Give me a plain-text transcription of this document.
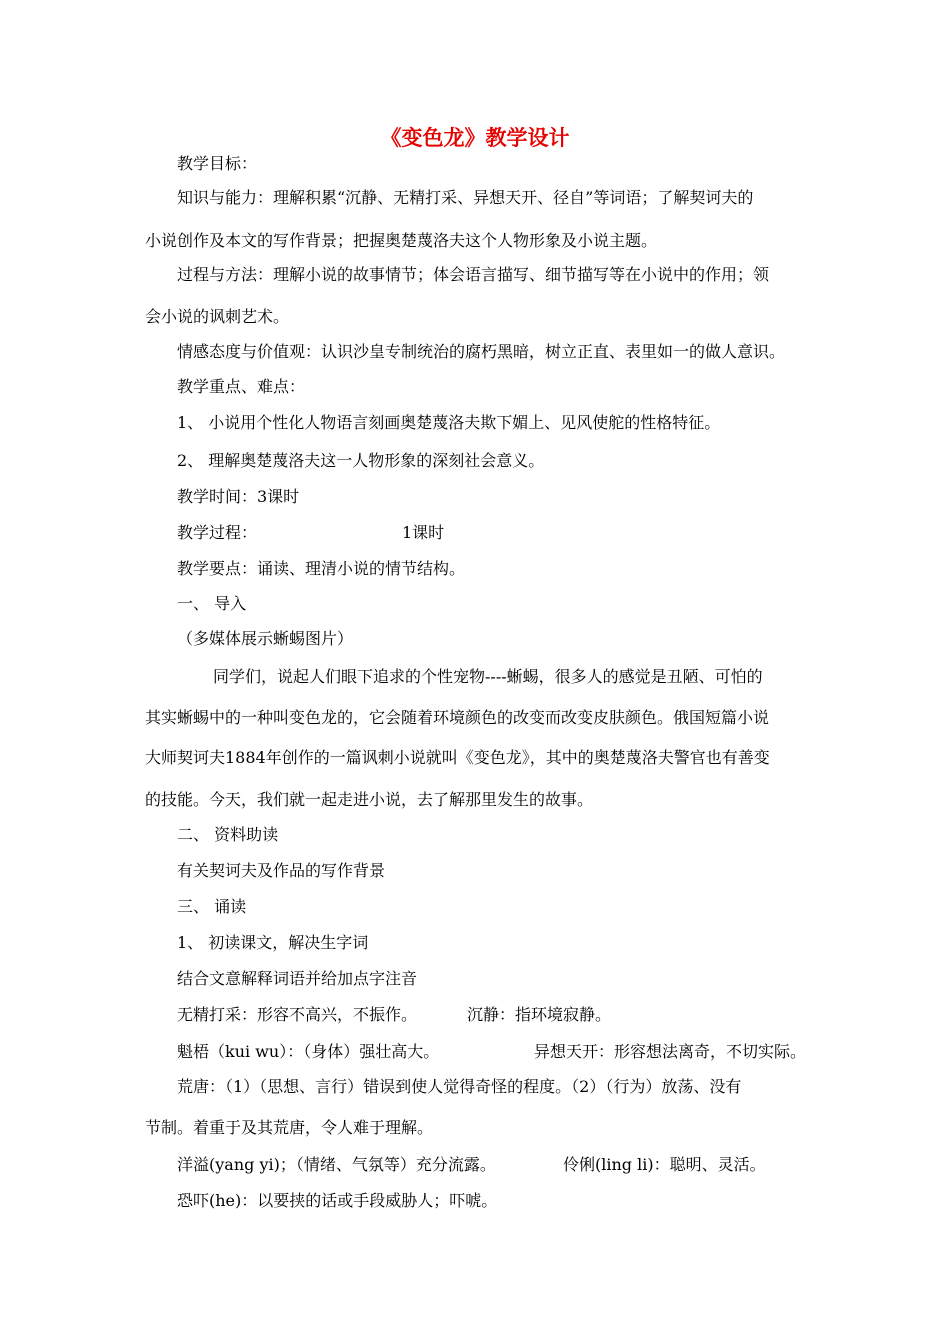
《变色龙》教学设计
教学目标：
知识与能力：理解积累“沉静、无精打采、异想天开、径自”等词语；了解契诃夫的
小说创作及本文的写作背景；把握奥楚蔑洛夫这个人物形象及小说主题。
过程与方法：理解小说的故事情节；体会语言描写、细节描写等在小说中的作用；领
会小说的讽刺艺术。
情感态度与价值观：认识沙皇专制统治的腐朽黑暗，树立正直、表里如一的做人意识。
教学重点、难点：
1、 小说用个性化人物语言刻画奥楚蔑洛夫欺下媚上、见风使舵的性格特征。
2、 理解奥楚蔑洛夫这一人物形象的深刻社会意义。
教学时间：3课时
教学过程：	1课时
教学要点：诵读、理清小说的情节结构。
一、 导入
（多媒体展示蜥蜴图片）
同学们，说起人们眼下追求的个性宠物----蜥蜴，很多人的感觉是丑陋、可怕的
其实蜥蜴中的一种叫变色龙的，它会随着环境颜色的改变而改变皮肤颜色。俄国短篇小说
大师契诃夫1884年创作的一篇讽刺小说就叫《变色龙》，其中的奥楚蔑洛夫警官也有善变
的技能。今天，我们就一起走进小说，去了解那里发生的故事。
二、 资料助读
有关契诃夫及作品的写作背景
三、 诵读
1、 初读课文，解决生字词
结合文意解释词语并给加点字注音
无精打采：形容不高兴，不振作。	沉静：指环境寂静。
魁梧（kui wu）：（身体）强壮高大。	异想天开：形容想法离奇，不切实际。
荒唐：（1）（思想、言行）错误到使人觉得奇怪的程度。（2）（行为）放荡、没有
节制。着重于及其荒唐，令人难于理解。
洋溢(yang yi)；（情绪、气氛等）充分流露。	伶俐(ling li)：聪明、灵活。
恐吓(he)：以要挟的话或手段威胁人；吓唬。
